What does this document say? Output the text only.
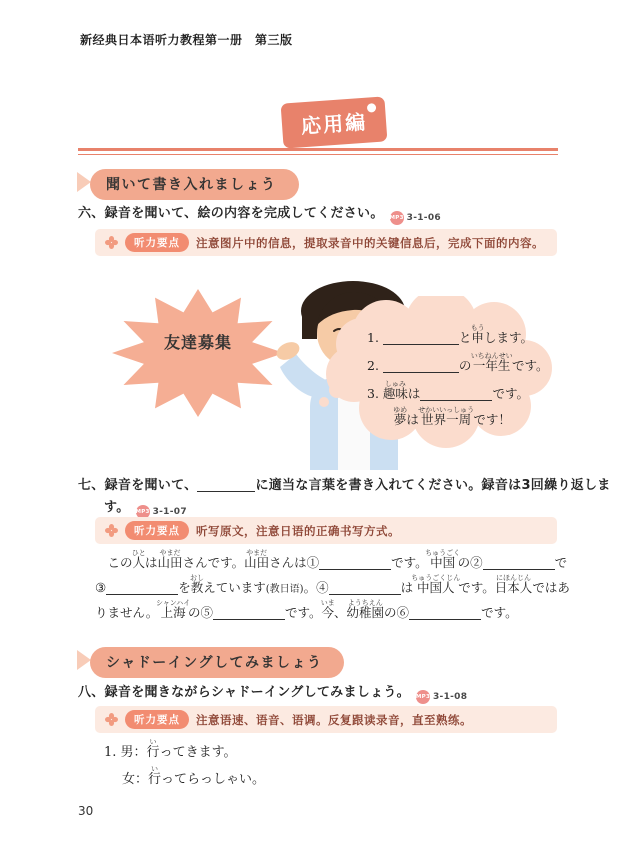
新经典日本语听力教程第一册　第三版
応用編
聞いて書き入れましょう
六、録音を聞いて、絵の内容を完成してください。 MP3 3-1-06
听力要点	注意图片中的信息，提取录音中的关键信息后，完成下面的内容。
友達募集	1.	と申もうします。
2.	の一年生いちねんせいです。
3. 趣味しゅみは	です。
夢ゆめは世界一周せかいいっしゅうです！
七、録音を聞いて、	に適当な言葉を書き入れてください。録音は3回繰り返しま
す。 MP3 3-1-07
听力要点	听写原文，注意日语的正确书写方式。
　この人ひとは山田やまださんです。山田やまださんは①	です。中国ちゅうごくの②	で
③	を教おしえています(教日语)。④	は中国人ちゅうごくじんです。日本人にほんじんではあ
りません。上海シャンハイの⑤	です。今いま、幼稚園ようちえんの⑥	です。
シャドーイングしてみましょう
八、録音を聞きながらシャドーイングしてみましょう。 MP3 3-1-08
听力要点	注意语速、语音、语调。反复跟读录音，直至熟练。
1. 男：行いってきます。
女：行いってらっしゃい。
30
